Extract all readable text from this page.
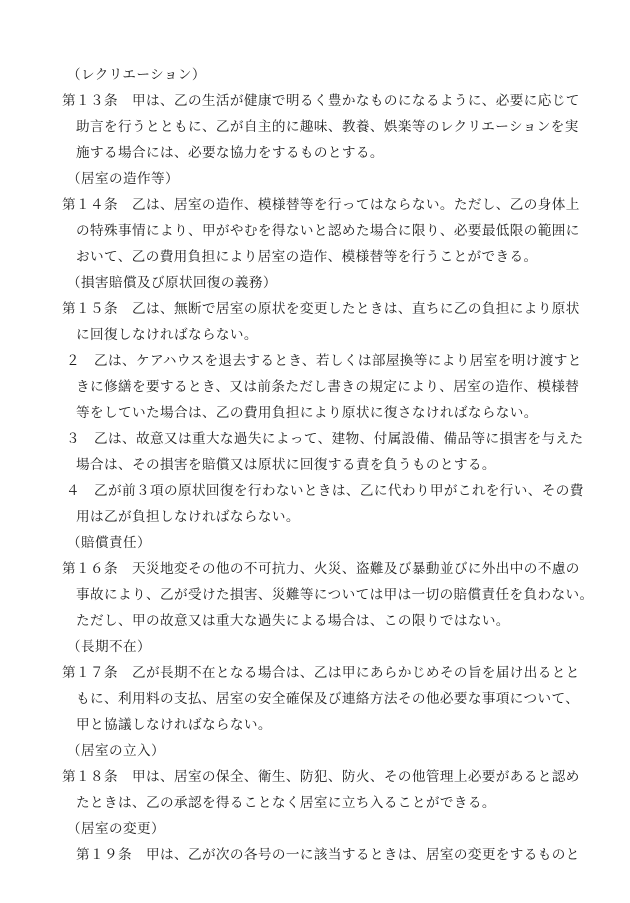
（レクリエーション）
第１３条　甲は、乙の生活が健康で明るく豊かなものになるように、必要に応じて
助言を行うとともに、乙が自主的に趣味、教養、娯楽等のレクリエーションを実
施する場合には、必要な協力をするものとする。
（居室の造作等）
第１４条　乙は、居室の造作、模様替等を行ってはならない。ただし、乙の身体上
の特殊事情により、甲がやむを得ないと認めた場合に限り、必要最低限の範囲に
おいて、乙の費用負担により居室の造作、模様替等を行うことができる。
（損害賠償及び原状回復の義務）
第１５条　乙は、無断で居室の原状を変更したときは、直ちに乙の負担により原状
に回復しなければならない。
２　乙は、ケアハウスを退去するとき、若しくは部屋換等により居室を明け渡すと
きに修繕を要するとき、又は前条ただし書きの規定により、居室の造作、模様替
等をしていた場合は、乙の費用負担により原状に復さなければならない。
３　乙は、故意又は重大な過失によって、建物、付属設備、備品等に損害を与えた
場合は、その損害を賠償又は原状に回復する責を負うものとする。
４　乙が前３項の原状回復を行わないときは、乙に代わり甲がこれを行い、その費
用は乙が負担しなければならない。
（賠償責任）
第１６条　天災地変その他の不可抗力、火災、盗難及び暴動並びに外出中の不慮の
事故により、乙が受けた損害、災難等については甲は一切の賠償責任を負わない。
ただし、甲の故意又は重大な過失による場合は、この限りではない。
（長期不在）
第１７条　乙が長期不在となる場合は、乙は甲にあらかじめその旨を届け出るとと
もに、利用料の支払、居室の安全確保及び連絡方法その他必要な事項について、
甲と協議しなければならない。
（居室の立入）
第１８条　甲は、居室の保全、衛生、防犯、防火、その他管理上必要があると認め
たときは、乙の承認を得ることなく居室に立ち入ることができる。
（居室の変更）
第１９条　甲は、乙が次の各号の一に該当するときは、居室の変更をするものと
